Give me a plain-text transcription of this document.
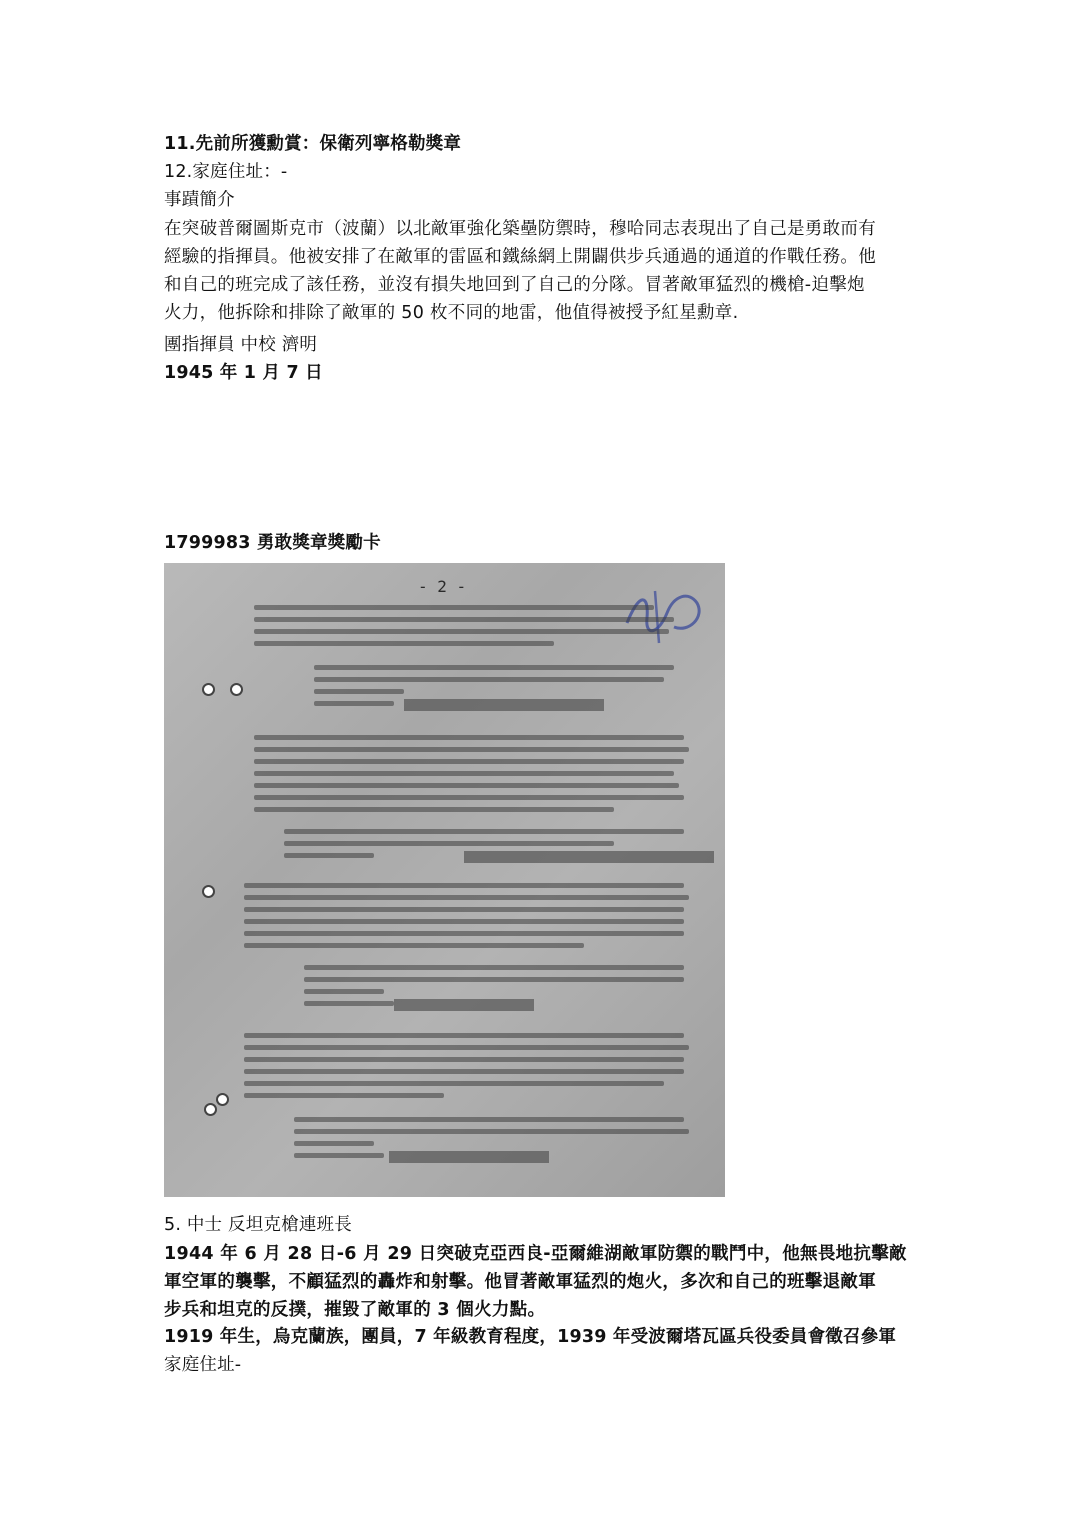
11.先前所獲勳賞：保衛列寧格勒獎章
12.家庭住址：-
事蹟簡介
在突破普爾圖斯克市（波蘭）以北敵軍強化築壘防禦時，穆哈同志表現出了自己是勇敢而有
經驗的指揮員。他被安排了在敵軍的雷區和鐵絲網上開闢供步兵通過的通道的作戰任務。他
和自己的班完成了該任務，並沒有損失地回到了自己的分隊。冒著敵軍猛烈的機槍-迫擊炮
火力，他拆除和排除了敵軍的 50 枚不同的地雷，他值得被授予紅星勳章.
團指揮員 中校 濟明
1945 年 1 月 7 日
1799983 勇敢獎章獎勵卡
- 2 -
5. 中士 反坦克槍連班長
1944 年 6 月 28 日-6 月 29 日突破克亞西良-亞爾維湖敵軍防禦的戰鬥中，他無畏地抗擊敵
軍空軍的襲擊，不顧猛烈的轟炸和射擊。他冒著敵軍猛烈的炮火，多次和自己的班擊退敵軍
步兵和坦克的反撲，摧毀了敵軍的 3 個火力點。
1919 年生，烏克蘭族，團員，7 年級教育程度，1939 年受波爾塔瓦區兵役委員會徵召參軍
家庭住址-
